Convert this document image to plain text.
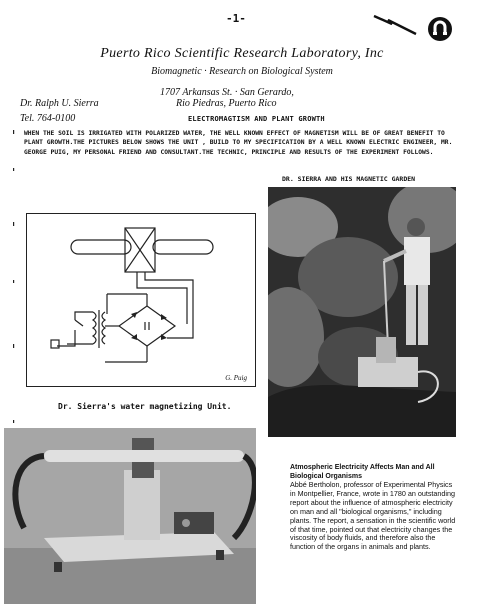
-1-
Puerto Rico Scientific Research Laboratory, Inc
Biomagnetic · Research on Biological System
1707 Arkansas St. · San Gerardo,
Rio Piedras, Puerto Rico
Dr. Ralph U. Sierra
Tel. 764-0100	ELECTROMAGTISM AND PLANT GROWTH
WHEN THE SOIL IS IRRIGATED WITH POLARIZED WATER, THE WELL KNOWN EFFECT OF MAGNETISM WILL BE OF GREAT BENEFIT TO PLANT GROWTH.THE PICTURES BELOW SHOWS THE UNIT , BUILD TO MY SPECIFICATION BY A WELL KNOWN ELECTRIC ENGINEER, MR. GEORGE PUIG, MY PERSONAL FRIEND AND CONSULTANT.THE TECHNIC, PRINCIPLE AND RESULTS OF THE EXPERIMENT FOLLOWS.
DR. SIERRA AND HIS MAGNETIC GARDEN
G. Puig
Dr. Sierra's water magnetizing Unit.
Atmospheric Electricity Affects Man and All Biological Organisms
Abbé Bertholon, professor of Experimental Physics in Montpellier, France, wrote in 1780 an outstanding report about the influence of atmospheric electricity on man and all "biological organisms," including plants. The report, a sensation in the scientific world of that time, pointed out that electricity changes the viscosity of body fluids, and therefore also the function of the organs in animals and plants.
